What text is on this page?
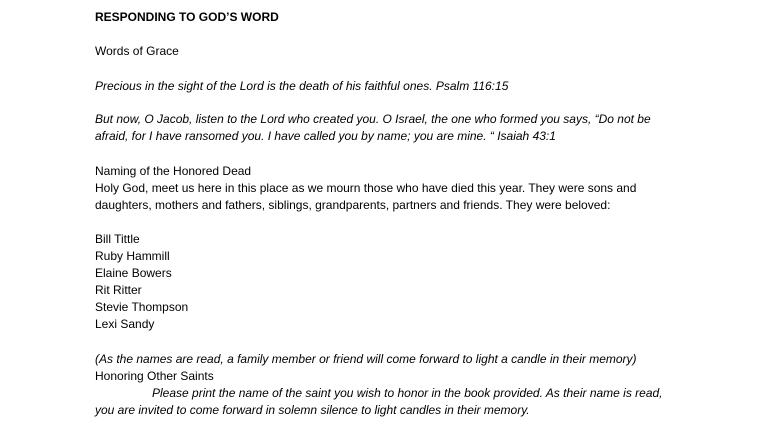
RESPONDING TO GOD’S WORD
Words of Grace
Precious in the sight of the Lord is the death of his faithful ones. Psalm 116:15
But now, O Jacob, listen to the Lord who created you. O Israel, the one who formed you says, “Do not be
afraid, for I have ransomed you. I have called you by name; you are mine. “ Isaiah 43:1
Naming of the Honored Dead
Holy God, meet us here in this place as we mourn those who have died this year. They were sons and
daughters, mothers and fathers, siblings, grandparents, partners and friends. They were beloved:
Bill Tittle
Ruby Hammill
Elaine Bowers
Rit Ritter
Stevie Thompson
Lexi Sandy
(As the names are read, a family member or friend will come forward to light a candle in their memory)
Honoring Other Saints
Please print the name of the saint you wish to honor in the book provided. As their name is read,
you are invited to come forward in solemn silence to light candles in their memory.
